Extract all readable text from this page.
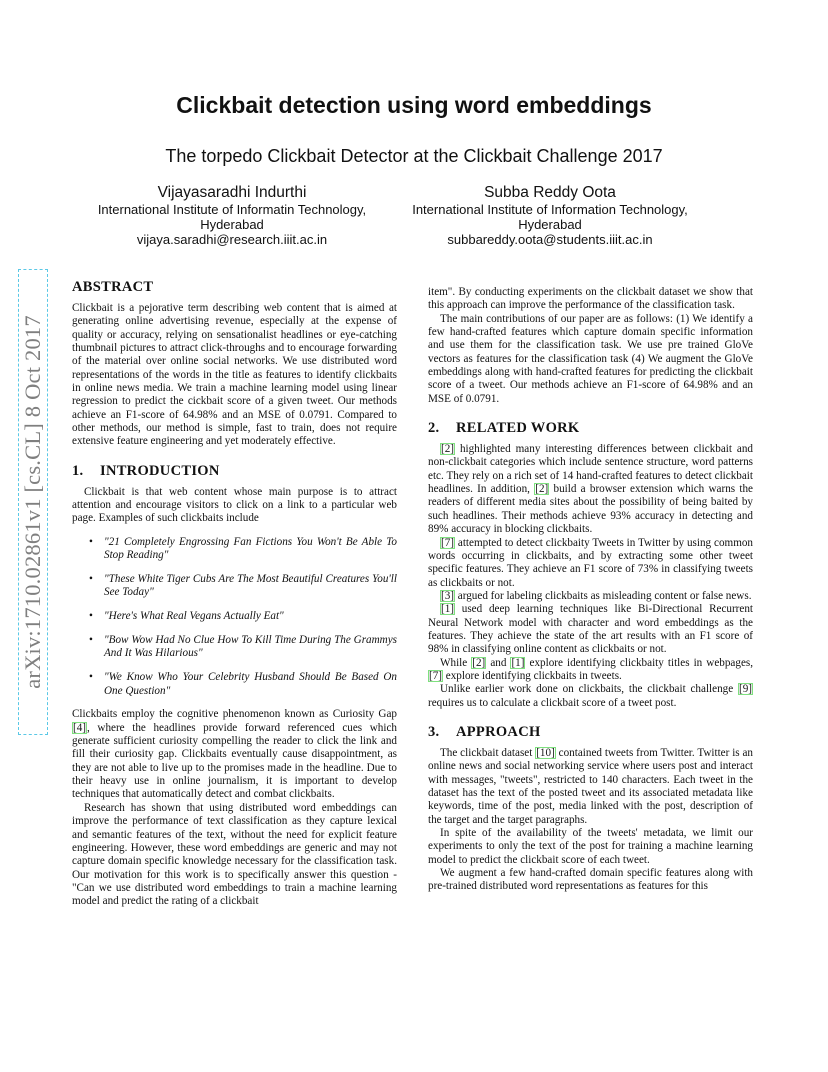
Clickbait detection using word embeddings
The torpedo Clickbait Detector at the Clickbait Challenge 2017
Vijayasaradhi Indurthi
International Institute of Informatin Technology,
Hyderabad
vijaya.saradhi@research.iiit.ac.in
Subba Reddy Oota
International Institute of Information Technology,
Hyderabad
subbareddy.oota@students.iiit.ac.in
arXiv:1710.02861v1 [cs.CL] 8 Oct 2017
ABSTRACT

Clickbait is a pejorative term describing web content that is aimed at generating online advertising revenue, especially at the expense of quality or accuracy, relying on sensationalist headlines or eye-catching thumbnail pictures to attract click-throughs and to encourage forwarding of the material over online social networks. We use distributed word representations of the words in the title as features to identify clickbaits in online news media. We train a machine learning model using linear regression to predict the cickbait score of a given tweet. Our methods achieve an F1-score of 64.98% and an MSE of 0.0791. Compared to other methods, our method is simple, fast to train, does not require extensive feature engineering and yet moderately effective.

1. INTRODUCTION

Clickbait is that web content whose main purpose is to attract attention and encourage visitors to click on a link to a particular web page. Examples of such clickbaits include

• "21 Completely Engrossing Fan Fictions You Won't Be Able To Stop Reading"
• "These White Tiger Cubs Are The Most Beautiful Creatures You'll See Today"
• "Here's What Real Vegans Actually Eat"
• "Bow Wow Had No Clue How To Kill Time During The Grammys And It Was Hilarious"
• "We Know Who Your Celebrity Husband Should Be Based On One Question"

Clickbaits employ the cognitive phenomenon known as Curiosity Gap [4], where the headlines provide forward referenced cues which generate sufficient curiosity compelling the reader to click the link and fill their curiosity gap. Clickbaits eventually cause disappointment, as they are not able to live up to the promises made in the headline. Due to their heavy use in online journalism, it is important to develop techniques that automatically detect and combat clickbaits.

Research has shown that using distributed word embeddings can improve the performance of text classification as they capture lexical and semantic features of the text, without the need for explicit feature engineering. However, these word embeddings are generic and may not capture domain specific knowledge necessary for the classification task. Our motivation for this work is to specifically answer this question - "Can we use distributed word embeddings to train a machine learning model and predict the rating of a clickbait

item". By conducting experiments on the clickbait dataset we show that this approach can improve the performance of the classification task.

The main contributions of our paper are as follows: (1) We identify a few hand-crafted features which capture domain specific information and use them for the classification task. We use pre trained GloVe vectors as features for the classification task (4) We augment the GloVe embeddings along with hand-crafted features for predicting the clickbait score of a tweet. Our methods achieve an F1-score of 64.98% and an MSE of 0.0791.

2. RELATED WORK

[2] highlighted many interesting differences between clickbait and non-clickbait categories which include sentence structure, word patterns etc. They rely on a rich set of 14 hand-crafted features to detect clickbait headlines. In addition, [2] build a browser extension which warns the readers of different media sites about the possibility of being baited by such headlines. Their methods achieve 93% accuracy in detecting and 89% accuracy in blocking clickbaits.

[7] attempted to detect clickbaity Tweets in Twitter by using common words occurring in clickbaits, and by extracting some other tweet specific features. They achieve an F1 score of 73% in classifying tweets as clickbaits or not.

[3] argued for labeling clickbaits as misleading content or false news.

[1] used deep learning techniques like Bi-Directional Recurrent Neural Network model with character and word embeddings as the features. They achieve the state of the art results with an F1 score of 98% in classifying online content as clickbaits or not.

While [2] and [1] explore identifying clickbaity titles in webpages, [7] explore identifying clickbaits in tweets.

Unlike earlier work done on clickbaits, the clickbait challenge [9] requires us to calculate a clickbait score of a tweet post.

3. APPROACH

The clickbait dataset [10] contained tweets from Twitter. Twitter is an online news and social networking service where users post and interact with messages, "tweets", restricted to 140 characters. Each tweet in the dataset has the text of the posted tweet and its associated metadata like keywords, time of the post, media linked with the post, description of the target and the target paragraphs.

In spite of the availability of the tweets' metadata, we limit our experiments to only the text of the post for training a machine learning model to predict the clickbait score of each tweet.

We augment a few hand-crafted domain specific features along with pre-trained distributed word representations as features for this
